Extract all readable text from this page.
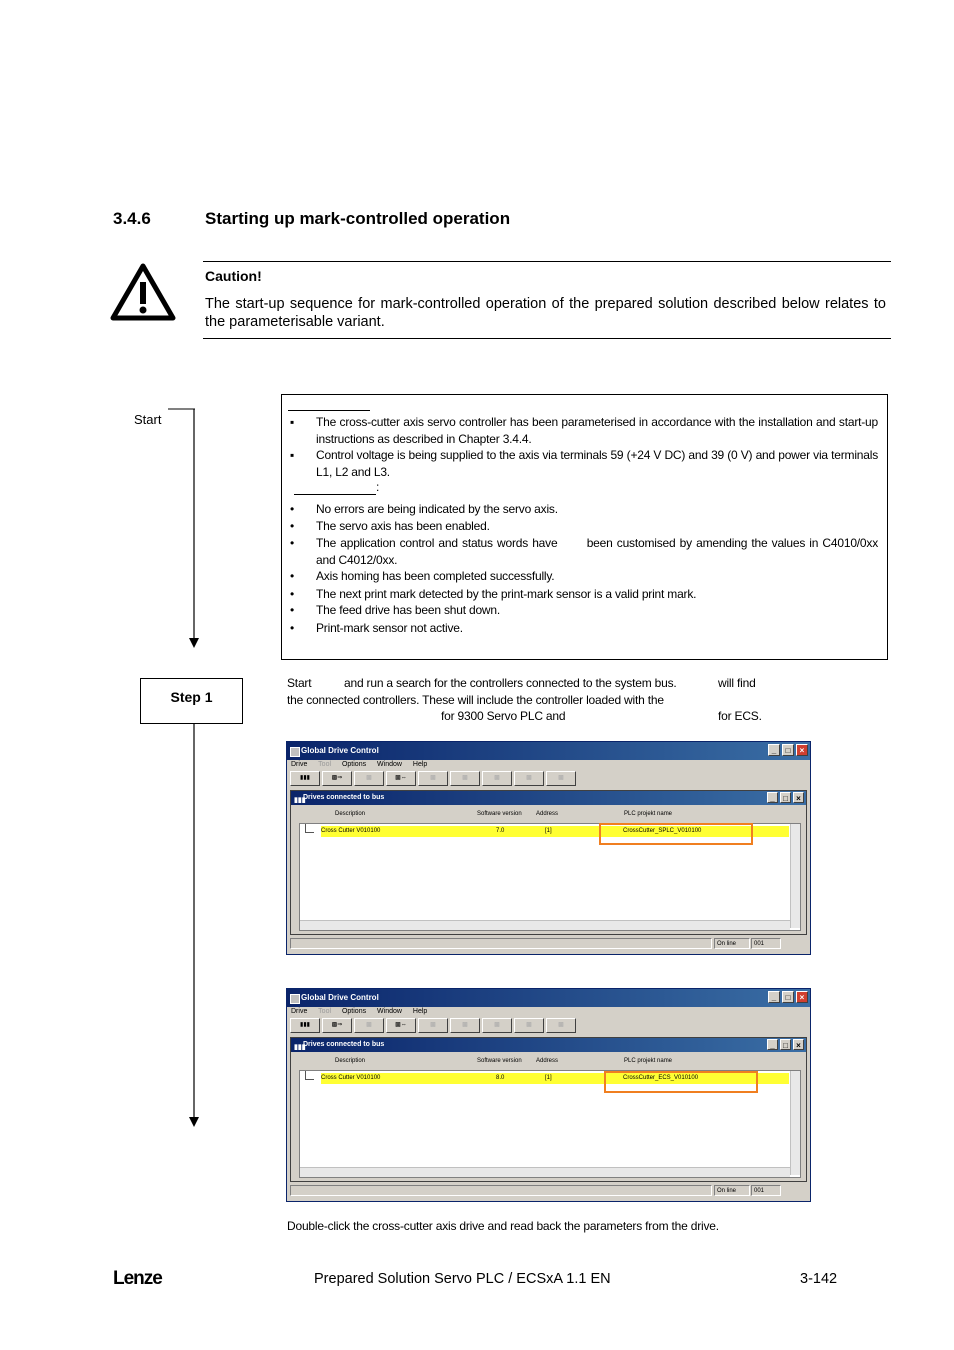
3.4.6	Starting up mark-controlled operation
Caution!
The start-up sequence for mark-controlled operation of the prepared solution described below relates to the parameterisable variant.
Start	▪ The cross-cutter axis servo controller has been parameterised in accordance with the installation and start-up instructions as described in Chapter 3.4.4.
▪ Control voltage is being supplied to the axis via terminals 59 (+24 V DC) and 39 (0 V) and power via terminals L1, L2 and L3.
:
• No errors are being indicated by the servo axis.
• The servo axis has been enabled.
• The application control and status words have       been customised by amending the values in C4010/0xx and C4012/0xx.
• Axis homing has been completed successfully.
• The next print mark detected by the print-mark sensor is a valid print mark.
• The feed drive has been shut down.
• Print-mark sensor not active.
Step 1
Start	and run a search for the controllers connected to the system bus.	will find
the connected controllers. These will include the controller loaded with the
for 9300 Servo PLC and	for ECS.
Global Drive Control	_ □ ×
Drive Tool Options Window Help
▮▮▮	▩⇒	▩	▩⇔	▩	▩	▩	▩	▩
▮▮▮
Drives connected to bus	_ □ ×
Description	Software version Address	PLC projekt name
Cross Cutter V010100	7.0	[1]	CrossCutter_SPLC_V010100
On line	001
Global Drive Control	_ □ ×
Drive Tool Options Window Help
▮▮▮	▩⇒	▩	▩⇔	▩	▩	▩	▩	▩
▮▮▮
Drives connected to bus	_ □ ×
Description	Software version Address	PLC projekt name
Cross Cutter V010100	8.0	[1]	CrossCutter_ECS_V010100
On line	001
Double-click the cross-cutter axis drive and read back the parameters from the drive.
Lenze	Prepared Solution Servo PLC / ECSxA 1.1 EN	3-142
